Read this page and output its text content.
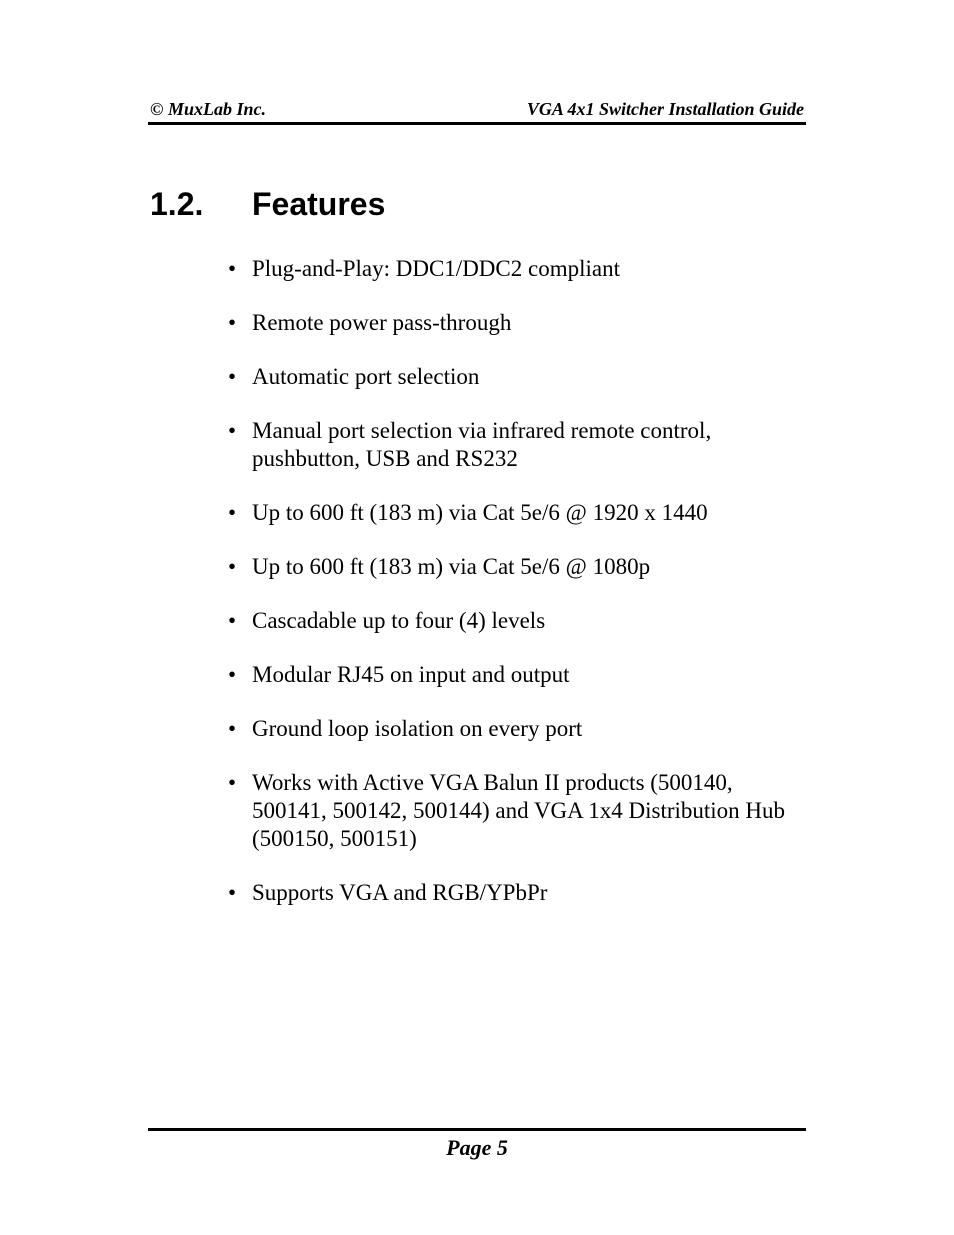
© MuxLab Inc.	VGA 4x1 Switcher Installation Guide
1.2. Features
• Plug-and-Play: DDC1/DDC2 compliant
• Remote power pass-through
• Automatic port selection
• Manual port selection via infrared remote control, pushbutton, USB and RS232
• Up to 600 ft (183 m) via Cat 5e/6 @ 1920 x 1440
• Up to 600 ft (183 m) via Cat 5e/6 @ 1080p
• Cascadable up to four (4) levels
• Modular RJ45 on input and output
• Ground loop isolation on every port
• Works with Active VGA Balun II products (500140, 500141, 500142, 500144) and VGA 1x4 Distribution Hub (500150, 500151)
• Supports VGA and RGB/YPbPr
Page 5
